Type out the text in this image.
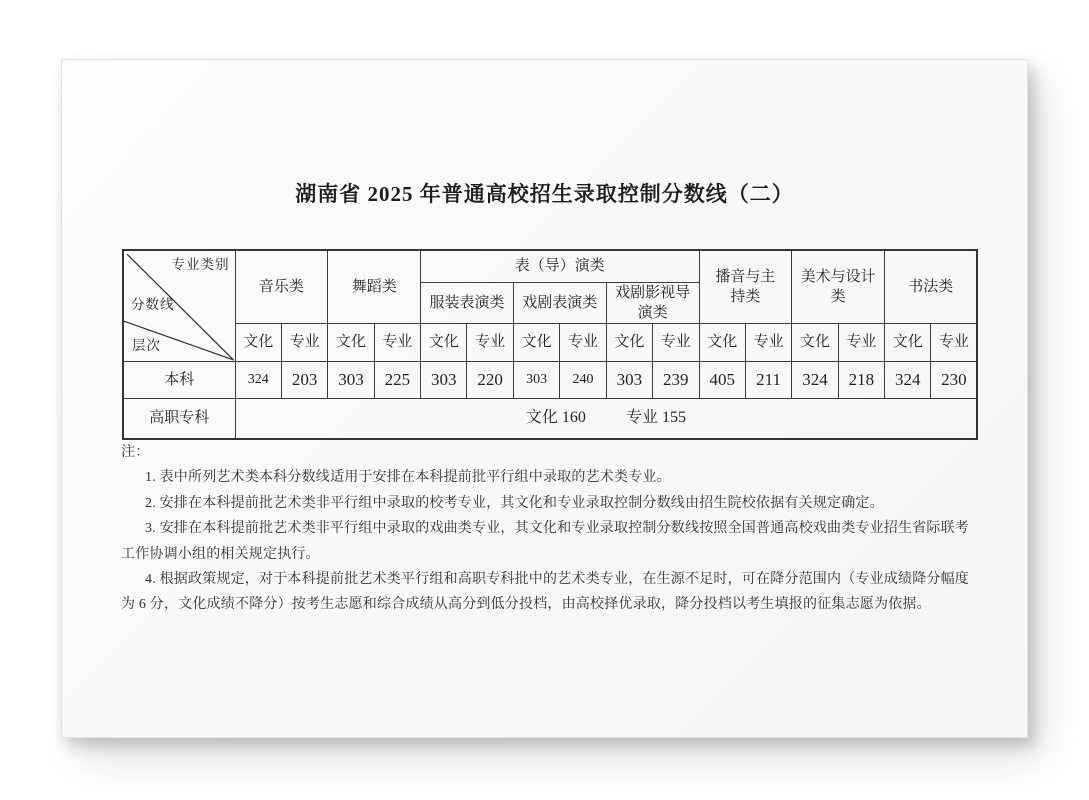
湖南省 2025 年普通高校招生录取控制分数线（二）
专业类别
分数线
层次	音乐类		舞蹈类		表（导）演类						播音与主持类		美术与设计类		书法类	
					服装表演类		戏剧表演类		戏剧影视导演类							
	文化	专业	文化	专业	文化	专业	文化	专业	文化	专业	文化	专业	文化	专业	文化	专业
本科	324	203	303	225	303	220	303	240	303	239	405	211	324	218	324	230
高职专科	文化 160 专业 155															

注：

1. 表中所列艺术类本科分数线适用于安排在本科提前批平行组中录取的艺术类专业。

2. 安排在本科提前批艺术类非平行组中录取的校考专业，其文化和专业录取控制分数线由招生院校依据有关规定确定。

3. 安排在本科提前批艺术类非平行组中录取的戏曲类专业，其文化和专业录取控制分数线按照全国普通高校戏曲类专业招生省际联考工作协调小组的相关规定执行。

4. 根据政策规定，对于本科提前批艺术类平行组和高职专科批中的艺术类专业，在生源不足时，可在降分范围内（专业成绩降分幅度为 6 分，文化成绩不降分）按考生志愿和综合成绩从高分到低分投档，由高校择优录取，降分投档以考生填报的征集志愿为依据。
